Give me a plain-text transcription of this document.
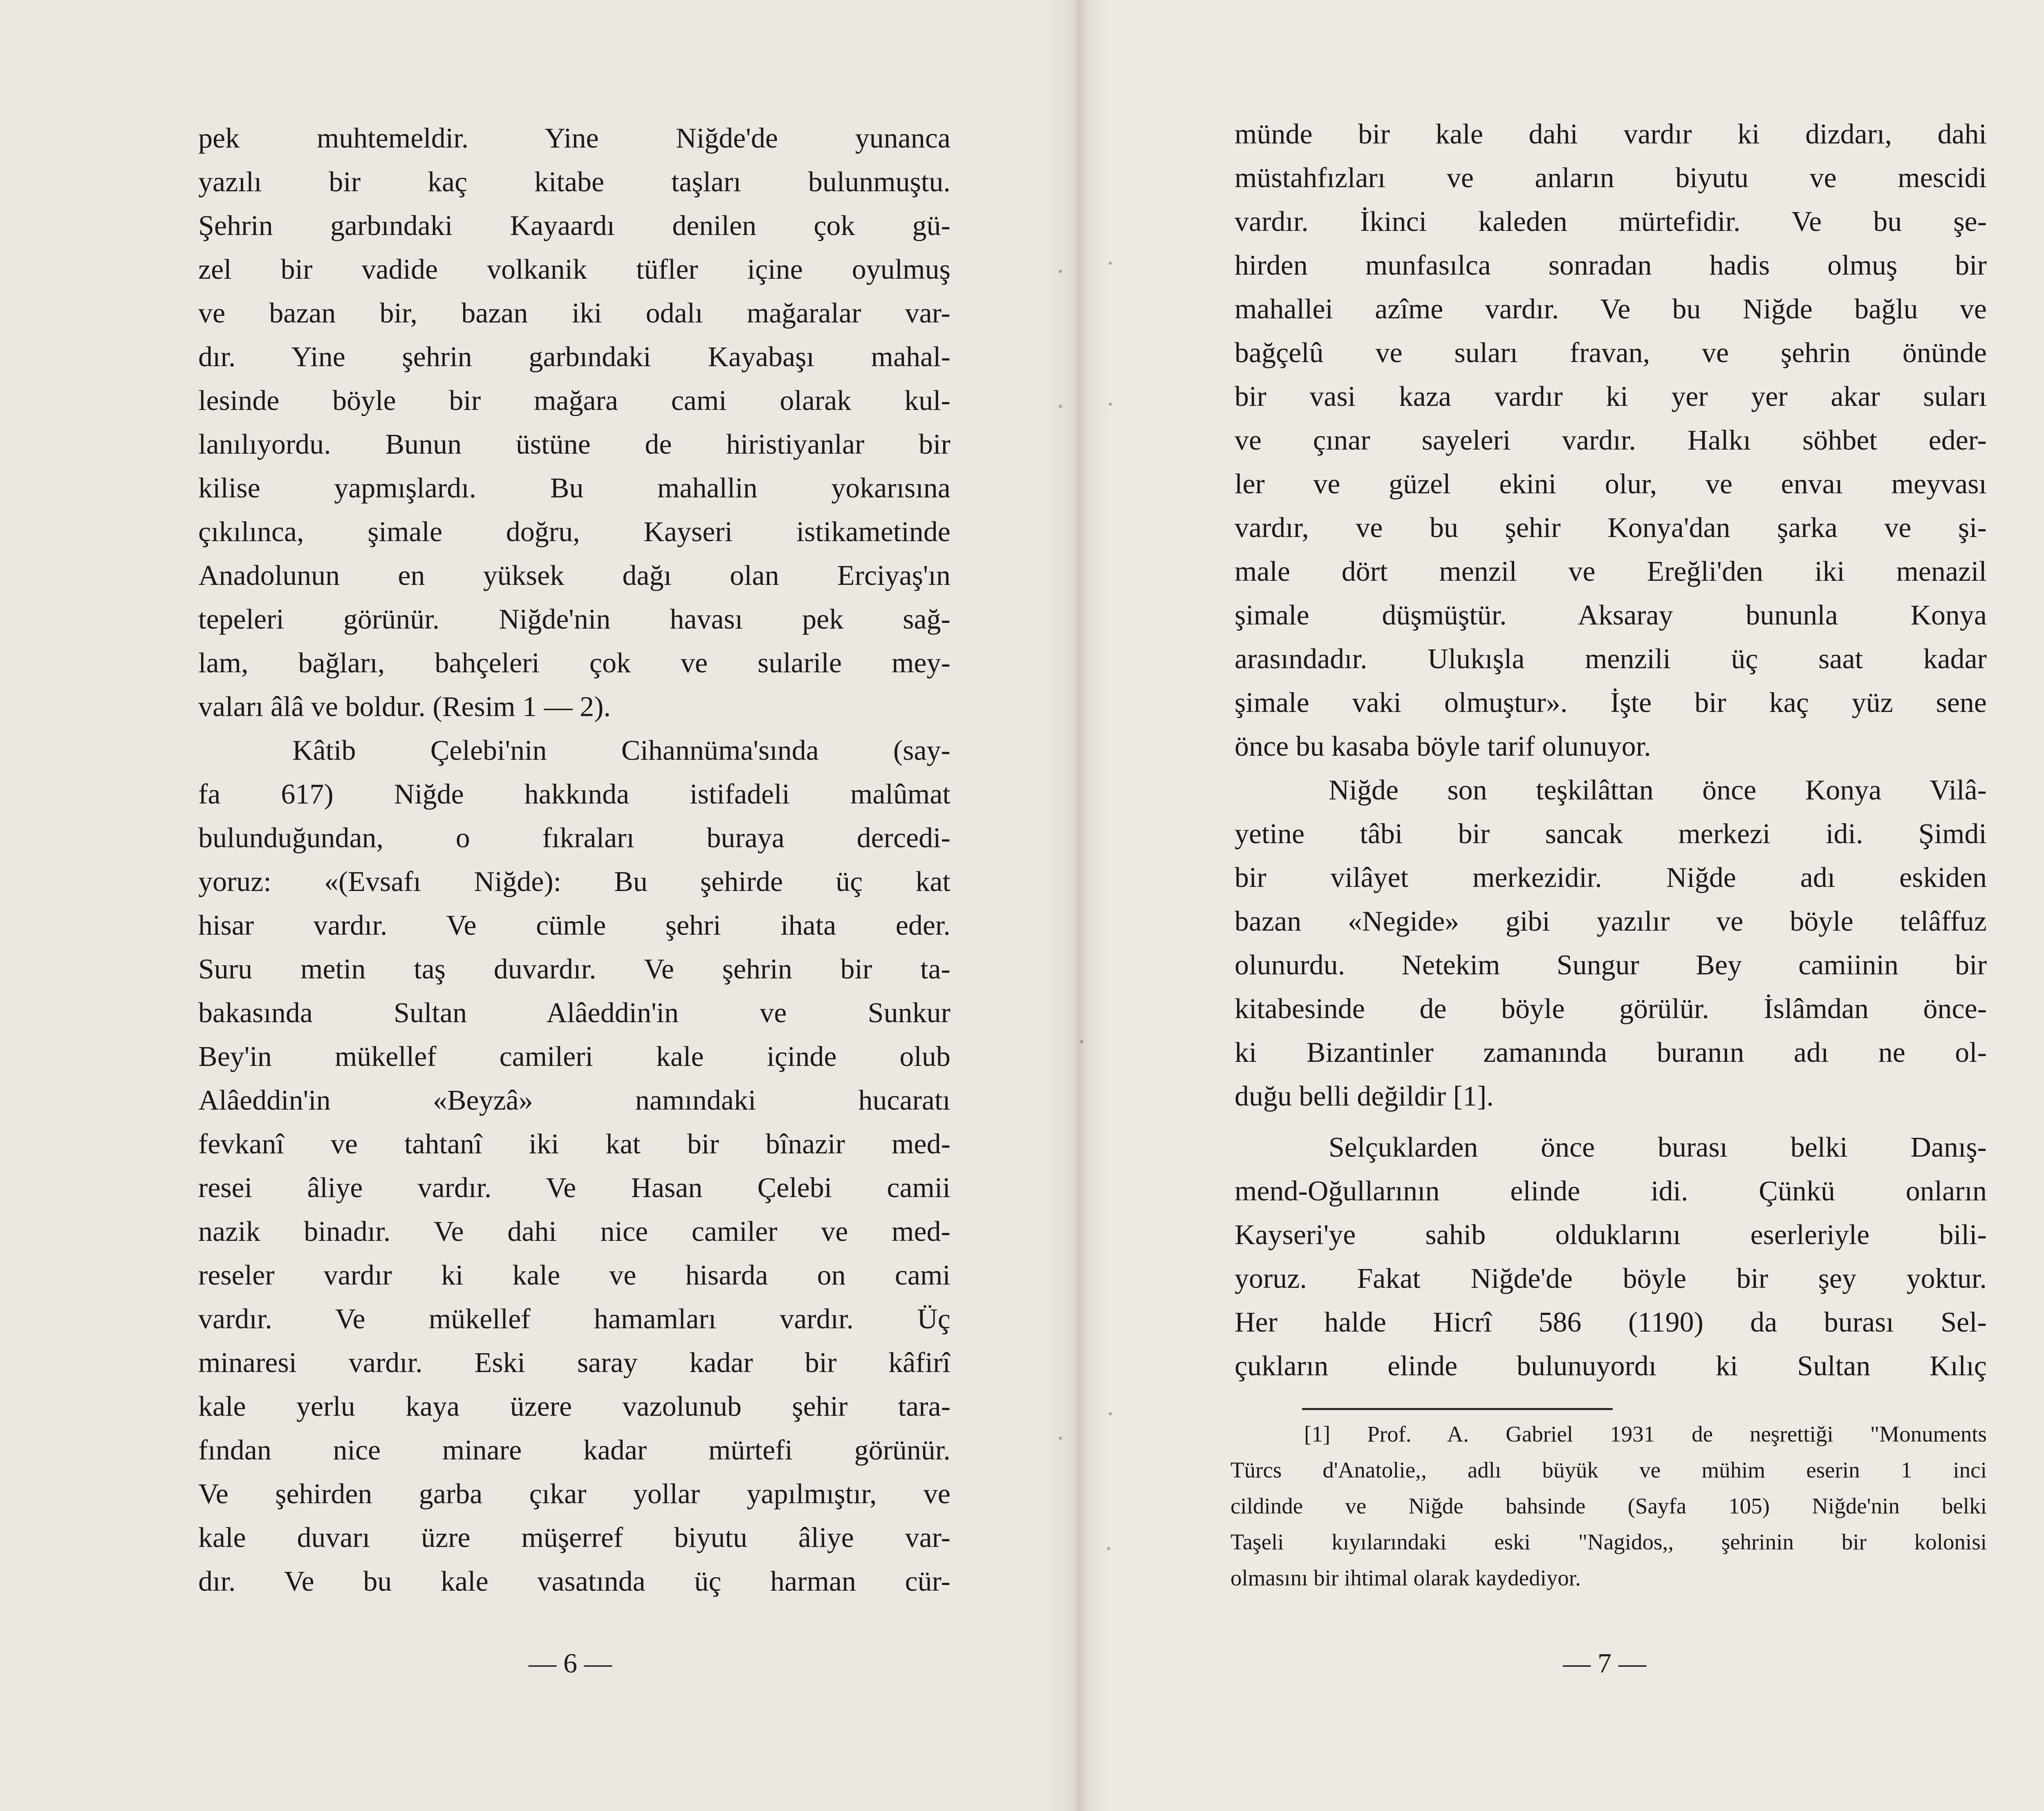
pek muhtemeldir. Yine Niğde'de yunanca
yazılı bir kaç kitabe taşları bulunmuştu.
Şehrin garbındaki Kayaardı denilen çok gü-
zel bir vadide volkanik tüfler içine oyulmuş
ve bazan bir, bazan iki odalı mağaralar var-
dır. Yine şehrin garbındaki Kayabaşı mahal-
lesinde böyle bir mağara cami olarak kul-
lanılıyordu. Bunun üstüne de hiristiyanlar bir
kilise yapmışlardı. Bu mahallin yokarısına
çıkılınca, şimale doğru, Kayseri istikametinde
Anadolunun en yüksek dağı olan Erciyaş'ın
tepeleri görünür. Niğde'nin havası pek sağ-
lam, bağları, bahçeleri çok ve sularile mey-
vaları âlâ ve boldur. (Resim 1 — 2).
Kâtib Çelebi'nin Cihannüma'sında (say-
fa 617) Niğde hakkında istifadeli malûmat
bulunduğundan, o fıkraları buraya dercedi-
yoruz: «(Evsafı Niğde): Bu şehirde üç kat
hisar vardır. Ve cümle şehri ihata eder.
Suru metin taş duvardır. Ve şehrin bir ta-
bakasında Sultan Alâeddin'in ve Sunkur
Bey'in mükellef camileri kale içinde olub
Alâeddin'in «Beyzâ» namındaki hucaratı
fevkanî ve tahtanî iki kat bir bînazir med-
resei âliye vardır. Ve Hasan Çelebi camii
nazik binadır. Ve dahi nice camiler ve med-
reseler vardır ki kale ve hisarda on cami
vardır. Ve mükellef hamamları vardır. Üç
minaresi vardır. Eski saray kadar bir kâfirî
kale yerlu kaya üzere vazolunub şehir tara-
fından nice minare kadar mürtefi görünür.
Ve şehirden garba çıkar yollar yapılmıştır, ve
kale duvarı üzre müşerref biyutu âliye var-
dır. Ve bu kale vasatında üç harman cür-
— 6 —
münde bir kale dahi vardır ki dizdarı, dahi
müstahfızları ve anların biyutu ve mescidi
vardır. İkinci kaleden mürtefidir. Ve bu şe-
hirden munfasılca sonradan hadis olmuş bir
mahallei azîme vardır. Ve bu Niğde bağlu ve
bağçelû ve suları fravan, ve şehrin önünde
bir vasi kaza vardır ki yer yer akar suları
ve çınar sayeleri vardır. Halkı söhbet eder-
ler ve güzel ekini olur, ve envaı meyvası
vardır, ve bu şehir Konya'dan şarka ve şi-
male dört menzil ve Ereğli'den iki menazil
şimale düşmüştür. Aksaray bununla Konya
arasındadır. Ulukışla menzili üç saat kadar
şimale vaki olmuştur». İşte bir kaç yüz sene
önce bu kasaba böyle tarif olunuyor.
Niğde son teşkilâttan önce Konya Vilâ-
yetine tâbi bir sancak merkezi idi. Şimdi
bir vilâyet merkezidir. Niğde adı eskiden
bazan «Negide» gibi yazılır ve böyle telâffuz
olunurdu. Netekim Sungur Bey camiinin bir
kitabesinde de böyle görülür. İslâmdan önce-
ki Bizantinler zamanında buranın adı ne ol-
duğu belli değildir [1].
Selçuklarden önce burası belki Danış-
mend-Oğullarının elinde idi. Çünkü onların
Kayseri'ye sahib olduklarını eserleriyle bili-
yoruz. Fakat Niğde'de böyle bir şey yoktur.
Her halde Hicrî 586 (1190) da burası Sel-
çukların elinde bulunuyordı ki Sultan Kılıç
[1] Prof. A. Gabriel 1931 de neşrettiği "Monuments
Türcs d'Anatolie,, adlı büyük ve mühim eserin 1 inci
cildinde ve Niğde bahsinde (Sayfa 105) Niğde'nin belki
Taşeli kıyılarındaki eski "Nagidos,, şehrinin bir kolonisi
olmasını bir ihtimal olarak kaydediyor.
— 7 —
